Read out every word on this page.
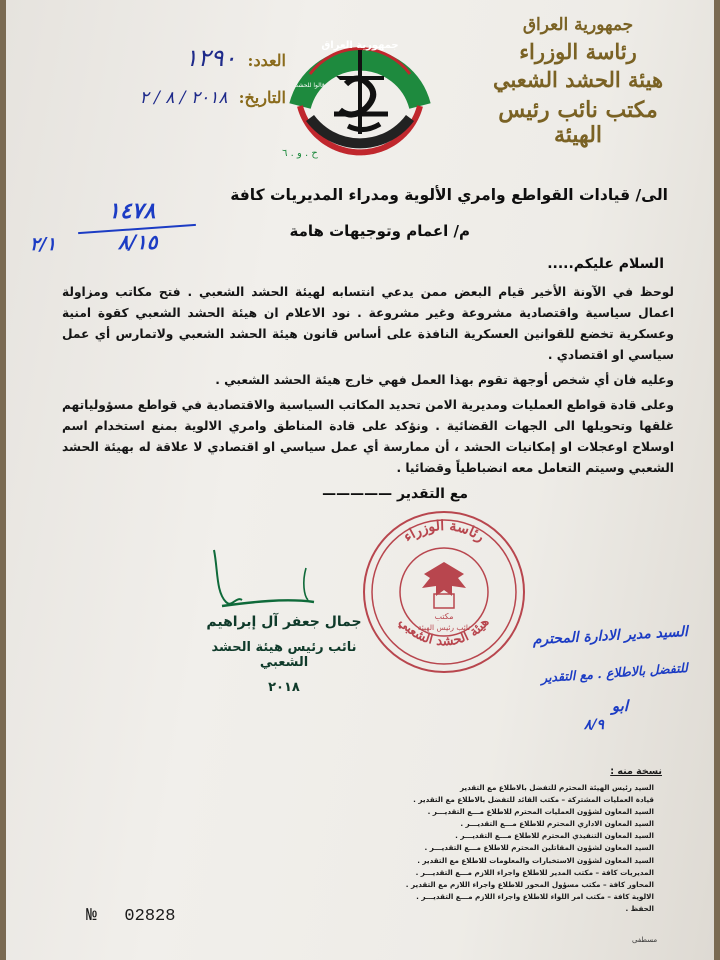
جمهورية العراق
رئاسة الوزراء
هيئة الحشد الشعبي
مكتب نائب رئيس الهيئة
جمهورية العراق
قالوا للحشد
ح . و . ٦
العدد: ١٢٩٠
التاريخ: ٢٠١٨ / ٨ / ٢
الى/ قيادات القواطع وامري الألوية ومدراء المديريات كافة
م/ اعمام وتوجيهات هامة
١٤٧٨
٨/١٥
٢/١
السلام عليكم.....
لوحظ في الآونة الأخير قيام البعض ممن يدعي انتسابه لهيئة الحشد الشعبي . فتح مكاتب ومزاولة اعمال سياسية واقتصادية مشروعة وغير مشروعة . نود الاعلام ان هيئة الحشد الشعبي كقوة امنية وعسكرية تخضع للقوانين العسكرية النافذة على أساس قانون هيئة الحشد الشعبي ولاتمارس أي عمل سياسي او اقتصادي .
وعليه فان أي شخص أوجهة تقوم بهذا العمل فهي خارج هيئة الحشد الشعبي .
وعلى قادة قواطع العمليات ومديرية الامن تحديد المكاتب السياسية والاقتصادية في قواطع مسؤولياتهم غلقها وتحويلها الى الجهات القضائية . ونؤكد على قادة المناطق وامري الالوية بمنع استخدام اسم اوسلاح اوعجلات او إمكانيات الحشد ، أن ممارسة أي عمل سياسي او اقتصادي لا علاقة له بهيئة الحشد الشعبي وسيتم التعامل معه انضباطياً وقضائيا .
مع التقدير —————
رئاسة الوزراء
هيئة الحشد الشعبي
مكتب
نائب رئيس الهيئة
جمال جعفر آل إبراهيم
نائب رئيس هيئة الحشد الشعبي
٢٠١٨
السيد مدير الادارة المحترم
للتفضل بالاطلاع . مع التقدير
ابو
٨/٩
نسخة منه :
السيد رئيس الهيئة المحترم للتفضل بالاطلاع مع التقدير
قيادة العمليات المشتركة – مكتب القائد للتفضل بالاطلاع مع التقدير .
السيد المعاون لشؤون العمليات المحترم للاطلاع مـــع التقديـــر .
السيد المعاون الاداري المحترم للاطلاع مـــع التقديـــر .
السيد المعاون التنفيذي المحترم للاطلاع مـــع التقديـــر .
السيد المعاون لشؤون المقاتلين المحترم للاطلاع مـــع التقديـــر .
السيد المعاون لشؤون الاستخبارات والمعلومات للاطلاع مع التقدير .
المديريات كافة – مكتب المدير للاطلاع واجراء اللازم مـــع التقديـــر .
المحاور كافة – مكتب مسؤول المحور للاطلاع واجراء اللازم مع التقدير .
الالوية كافة – مكتب امر اللواء للاطلاع واجراء اللازم مـــع التقديـــر .
الحفظ .
№ 02828
مسطفى
